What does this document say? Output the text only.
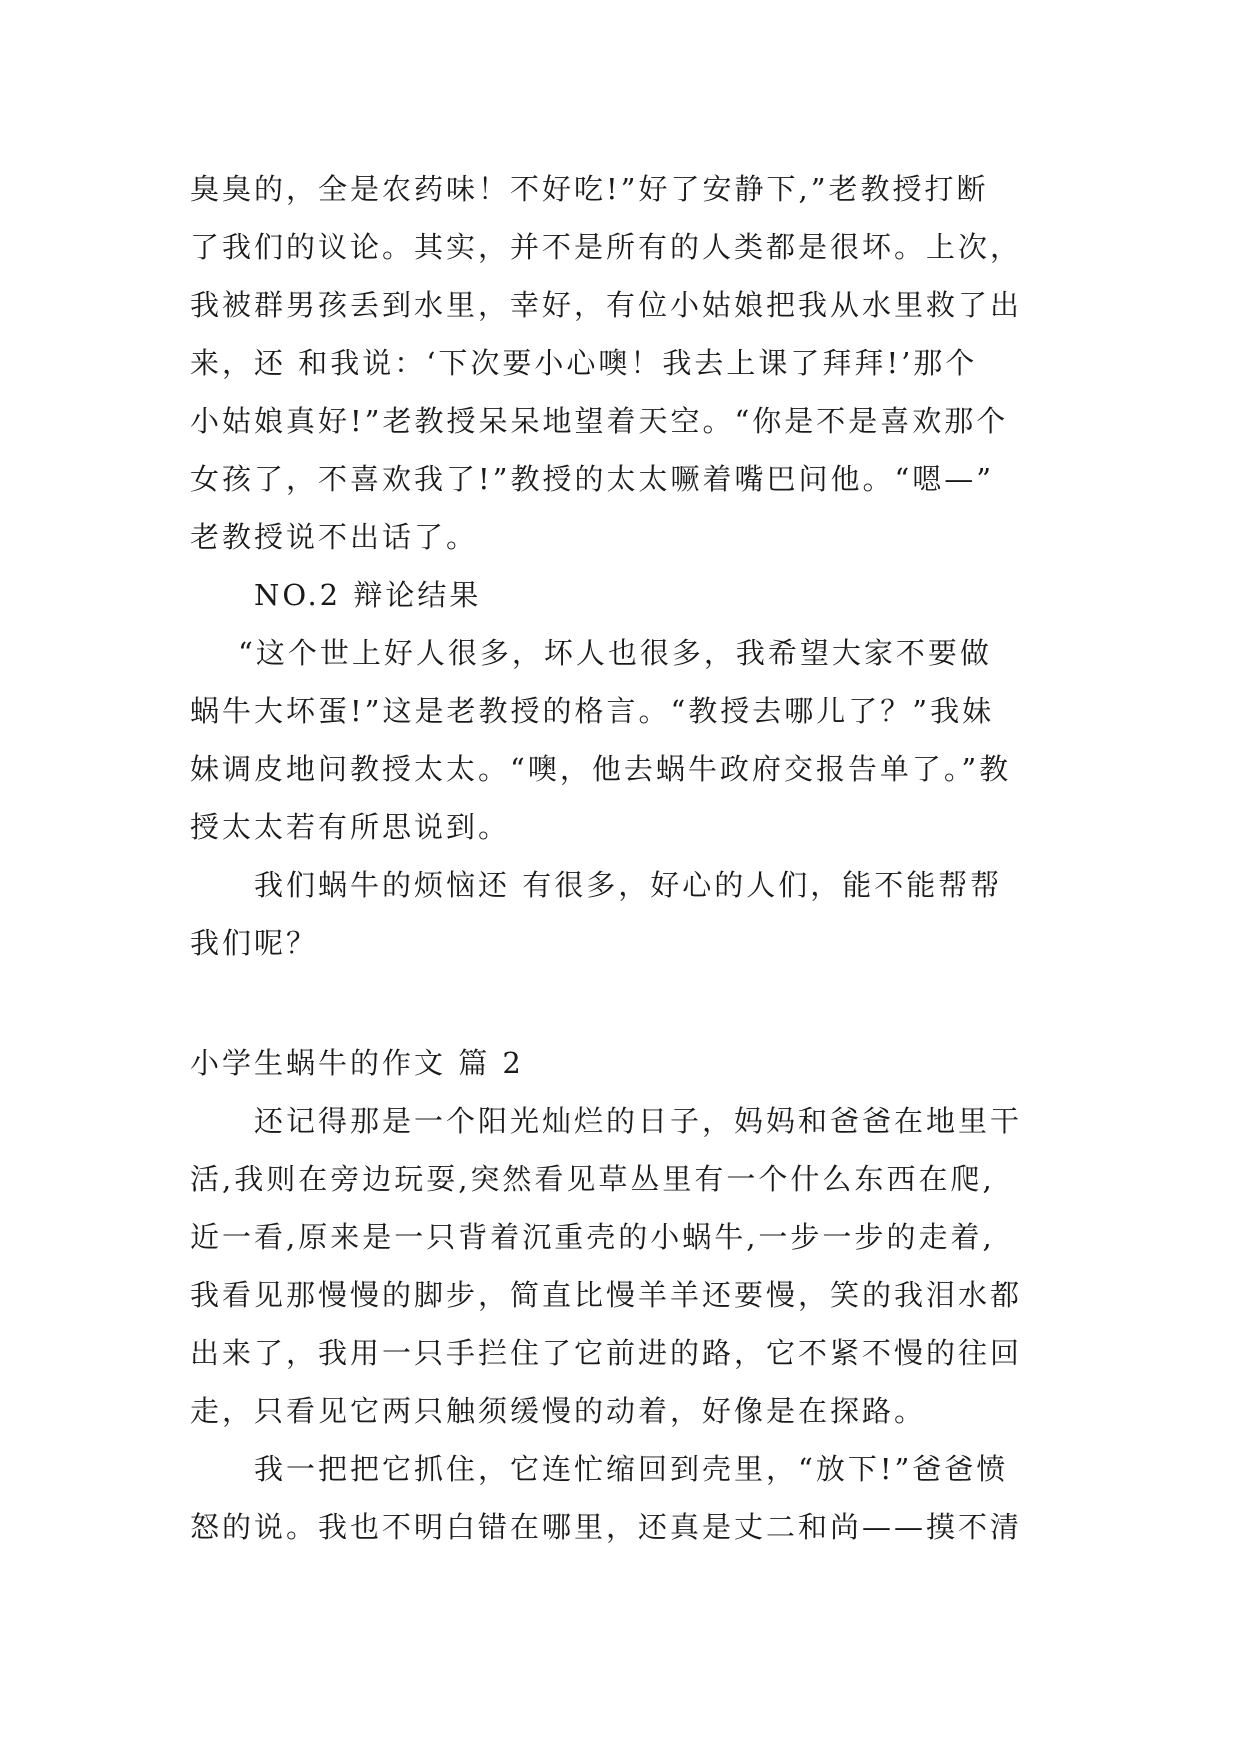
臭臭的，全是农药味！不好吃!”好了安静下,”老教授打断
了我们的议论。其实，并不是所有的人类都是很坏。上次，
我被群男孩丢到水里，幸好，有位小姑娘把我从水里救了出
来，还 和我说：‘下次要小心噢！我去上课了拜拜!’那个
小姑娘真好!”老教授呆呆地望着天空。“你是不是喜欢那个
女孩了，不喜欢我了!”教授的太太噘着嘴巴问他。“嗯—”
老教授说不出话了。
NO.2 辩论结果
“这个世上好人很多，坏人也很多，我希望大家不要做
蜗牛大坏蛋!”这是老教授的格言。“教授去哪儿了？”我妹
妹调皮地问教授太太。“噢，他去蜗牛政府交报告单了。”教
授太太若有所思说到。
我们蜗牛的烦恼还 有很多，好心的人们，能不能帮帮
我们呢？
小学生蜗牛的作文 篇 2
还记得那是一个阳光灿烂的日子，妈妈和爸爸在地里干
活,我则在旁边玩耍,突然看见草丛里有一个什么东西在爬,
近一看,原来是一只背着沉重壳的小蜗牛,一步一步的走着,
我看见那慢慢的脚步，简直比慢羊羊还要慢，笑的我泪水都
出来了，我用一只手拦住了它前进的路，它不紧不慢的往回
走，只看见它两只触须缓慢的动着，好像是在探路。
我一把把它抓住，它连忙缩回到壳里，“放下!”爸爸愤
怒的说。我也不明白错在哪里，还真是丈二和尚——摸不清
